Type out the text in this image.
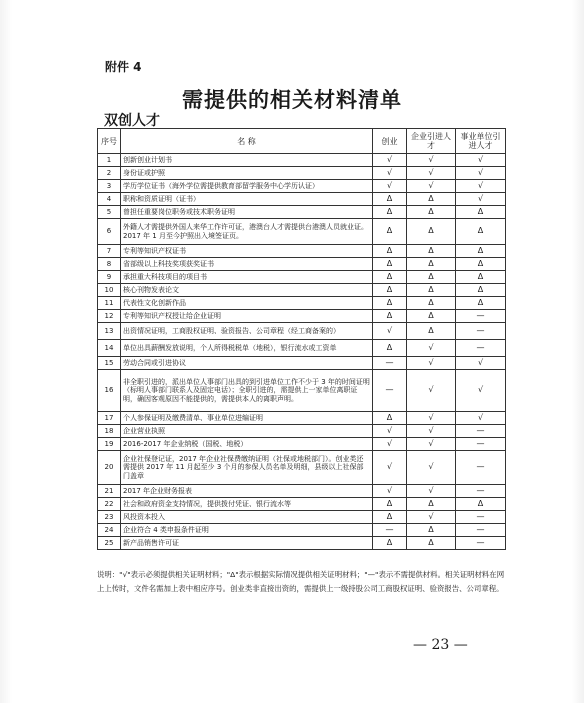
附件 4
需提供的相关材料清单
双创人才
序号	名 称	创业	企业引进人才	事业单位引进人才
1	创新创业计划书	√	√	√
2	身份证或护照	√	√	√
3	学历学位证书（海外学位需提供教育部留学服务中心学历认证）	√	√	√
4	职称和资质证明（证书）	Δ	Δ	√
5	曾担任重要岗位职务或技术职务证明	Δ	Δ	Δ
6	外籍人才需提供外国人来华工作许可证，港澳台人才需提供台港澳人员就业证。2017 年 1 月至今护照出入境签证页。	Δ	Δ	Δ
7	专利等知识产权证书	Δ	Δ	Δ
8	省部级以上科技奖项获奖证书	Δ	Δ	Δ
9	承担重大科技项目的项目书	Δ	Δ	Δ
10	核心刊物发表论文	Δ	Δ	Δ
11	代表性文化创新作品	Δ	Δ	Δ
12	专利等知识产权授让给企业证明	Δ	Δ	—
13	出资情况证明，工商股权证明、验资报告、公司章程（经工商备案的）	√	Δ	—
14	单位出具薪酬发放说明，个人所得税税单（地税），银行流水或工资单	Δ	√	—
15	劳动合同或引进协议	—	√	√
16	非全职引进的，派出单位人事部门出具的到引进单位工作不少于 3 年的时间证明（标明人事部门联系人及固定电话）；全职引进的，需提供上一家单位离职证明，确因客观原因不能提供的，需提供本人的离职声明。	—	√	√
17	个人参保证明及缴费清单、事业单位进编证明	Δ	√	√
18	企业营业执照	√	√	—
19	2016-2017 年企业纳税（国税、地税）	√	√	—
20	企业社保登记证，2017 年企业社保费缴纳证明（社保或地税部门）。创业类还需提供 2017 年 11 月起至少 3 个月的参保人员名单及明细，县级以上社保部门盖章	√	√	—
21	2017 年企业财务报表	√	√	—
22	社会和政府资金支持情况，提供拨付凭证、银行流水等	Δ	Δ	Δ
23	风投资本投入	Δ	√	—
24	企业符合 4 类申报条件证明	—	Δ	—
25	新产品销售许可证	Δ	Δ	—
说明："√"表示必须提供相关证明材料；"Δ"表示根据实际情况提供相关证明材料；"—"表示不需提供材料。相关证明材料在网上上传时，文件名需加上表中相应序号。创业类非直接出资的，需提供上一级持股公司工商股权证明、验资报告、公司章程。
— 23 —
